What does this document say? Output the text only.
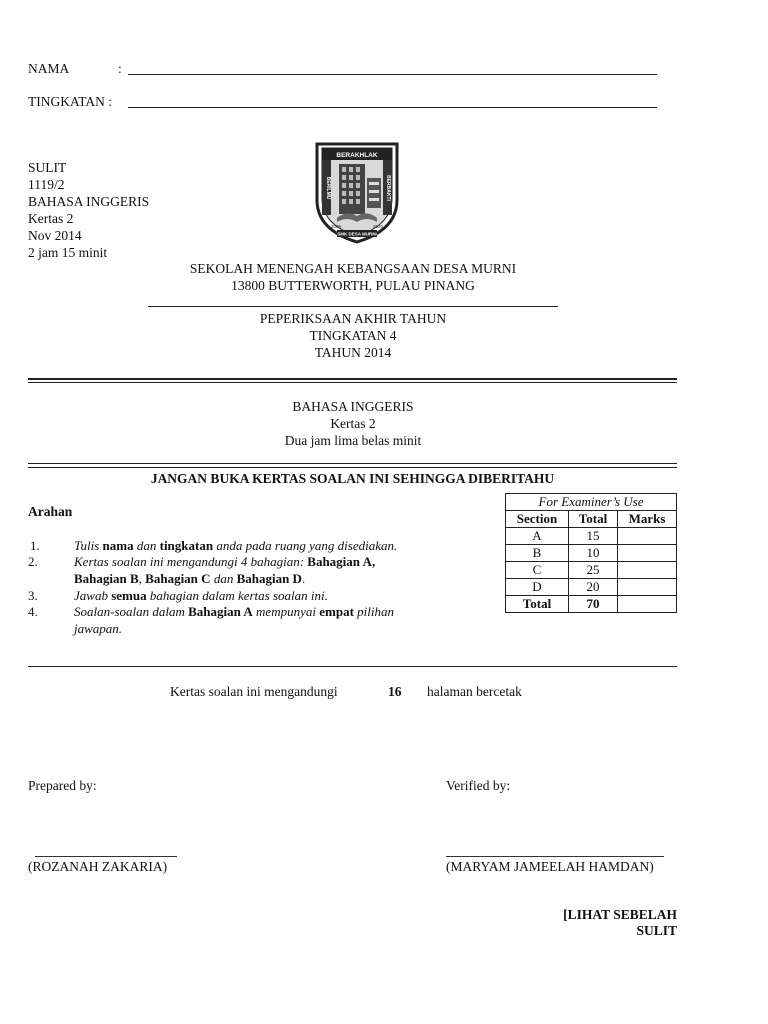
NAMA	:
TINGKATAN :
SULIT
1119/2
BAHASA INGGERIS
Kertas 2
Nov 2014
2 jam 15 minit
BERAKHLAK
BERILMU	BERBAKTI
2005	2020
SMK DESA MURNI
SEKOLAH MENENGAH KEBANGSAAN DESA MURNI
13800 BUTTERWORTH, PULAU PINANG
PEPERIKSAAN AKHIR TAHUN
TINGKATAN 4
TAHUN 2014
BAHASA INGGERIS
Kertas 2
Dua jam lima belas minit
JANGAN BUKA KERTAS SOALAN INI SEHINGGA DIBERITAHU
Arahan
1.	Tulis nama dan tingkatan anda pada ruang yang disediakan.
2.	Kertas soalan ini mengandungi 4 bahagian: Bahagian A,
Bahagian B, Bahagian C dan Bahagian D.
3.	Jawab semua bahagian dalam kertas soalan ini.
4.	Soalan-soalan dalam Bahagian A mempunyai empat pilihan
jawapan.
For Examiner’s Use		
Section	Total	Marks
A	15	
B	10	
C	25	
D	20	
Total	70	
Kertas soalan ini mengandungi	16 halaman bercetak
Prepared by:	Verified by:
(ROZANAH ZAKARIA)	(MARYAM JAMEELAH HAMDAN)
[LIHAT SEBELAH
SULIT
